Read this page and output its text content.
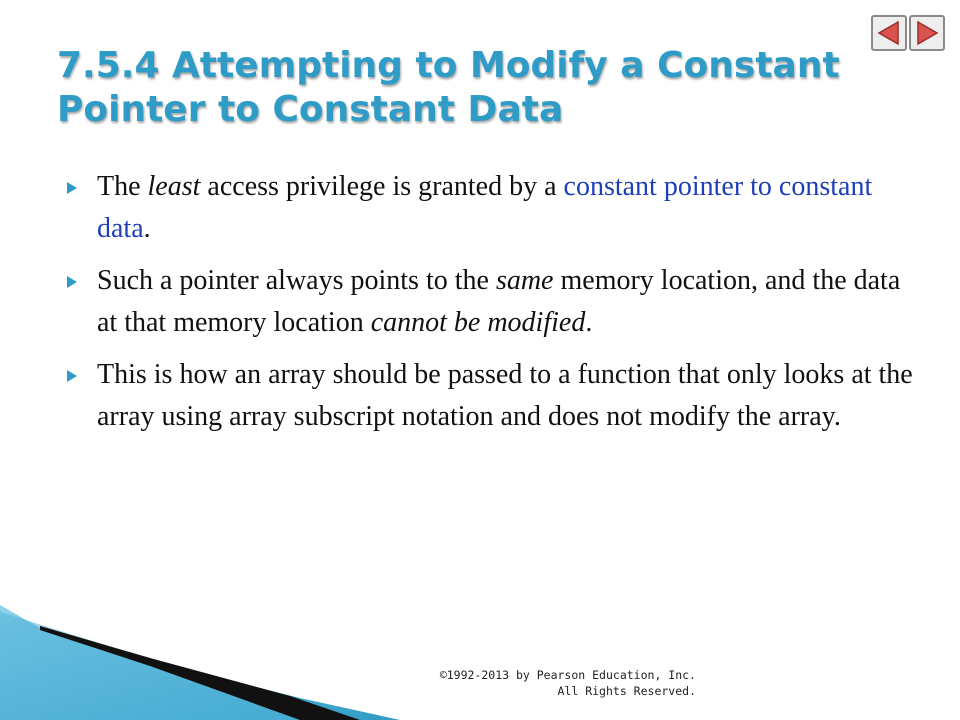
7.5.4 Attempting to Modify a Constant
Pointer to Constant Data
The least access privilege is granted by a constant pointer to constant data.
Such a pointer always points to the same memory location, and the data at that memory location cannot be modified.
This is how an array should be passed to a function that only looks at the array using array subscript notation and does not modify the array.
©1992-2013 by Pearson Education, Inc.
All Rights Reserved.
